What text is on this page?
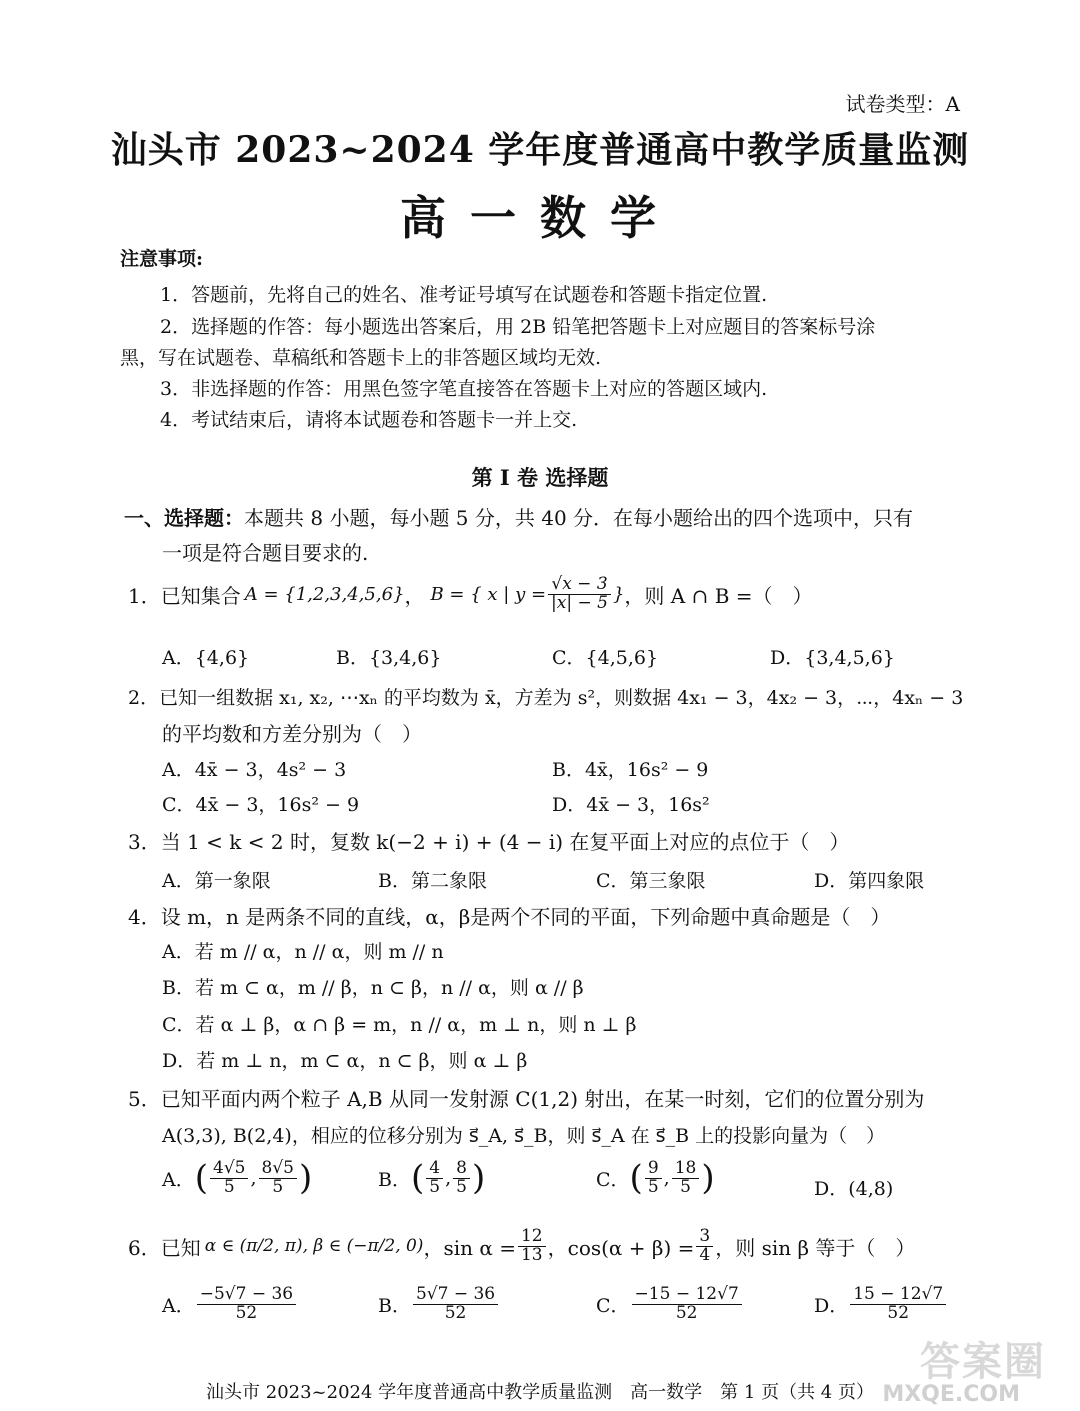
试卷类型：A
汕头市 2023~2024 学年度普通高中教学质量监测
高一数学
注意事项:
1．答题前，先将自己的姓名、准考证号填写在试题卷和答题卡指定位置.
2．选择题的作答：每小题选出答案后，用 2B 铅笔把答题卡上对应题目的答案标号涂
黑，写在试题卷、草稿纸和答题卡上的非答题区域均无效.
3．非选择题的作答：用黑色签字笔直接答在答题卡上对应的答题区域内.
4．考试结束后，请将本试题卷和答题卡一并上交.
第 I 卷 选择题
一、选择题：本题共 8 小题，每小题 5 分，共 40 分．在每小题给出的四个选项中，只有
一项是符合题目要求的.
1．已知集合 A = {1,2,3,4,5,6} ， B = { x | $y = \frac{√x - 3}{|x| - 5}$ } ，则 A ∩ B =（　）
A．{4,6}	B．{3,4,6}	C．{4,5,6}	D．{3,4,5,6}
2．已知一组数据 x₁, x₂, ⋯xₙ 的平均数为 x̄，方差为 s²，则数据 4x₁ − 3，4x₂ − 3，⋯，4xₙ − 3
的平均数和方差分别为（　）
A．4x̄ − 3，4s² − 3	B．4x̄，16s² − 9
C．4x̄ − 3，16s² − 9	D．4x̄ − 3，16s²
3．当 1 < k < 2 时，复数 k(−2 + i) + (4 − i) 在复平面上对应的点位于（　）
A．第一象限	B．第二象限	C．第三象限	D．第四象限
4．设 m，n 是两条不同的直线，α，β是两个不同的平面，下列命题中真命题是（　）
A．若 m // α，n // α，则 m // n
B．若 m ⊂ α，m // β，n ⊂ β，n // α，则 α // β
C．若 α ⊥ β，α ∩ β = m，n // α，m ⊥ n，则 n ⊥ β
D．若 m ⊥ n，m ⊂ α，n ⊂ β，则 α ⊥ β
5．已知平面内两个粒子 A,B 从同一发射源 C(1,2) 射出，在某一时刻，它们的位置分别为
A(3,3), B(2,4)，相应的位移分别为 s⃗_A, s⃗_B，则 s⃗_A 在 s⃗_B 上的投影向量为（　）
A． ( $\frac{4√5}{5}$ , $\frac{8√5}{5}$ )	B． ( $\frac{4}{5}$ , $\frac{8}{5}$ )	C． ( $\frac{9}{5}$ , $\frac{18}{5}$ )	D．(4,8)
6．已知 α ∈ (π/2, π), β ∈ (−π/2, 0) ，$\sin \alpha = \frac{12}{13}$ ，$\cos(\alpha + \beta) = \frac{3}{4}$ ，则 sin β 等于（　）
A． $\frac{-5√7 - 36}{52}$	B． $\frac{5√7 - 36}{52}$	C． $\frac{-15 - 12√7}{52}$	D． $\frac{15 - 12√7}{52}$
答案圈
MXQE.COM
汕头市 2023~2024 学年度普通高中教学质量监测　高一数学　第 1 页（共 4 页）
